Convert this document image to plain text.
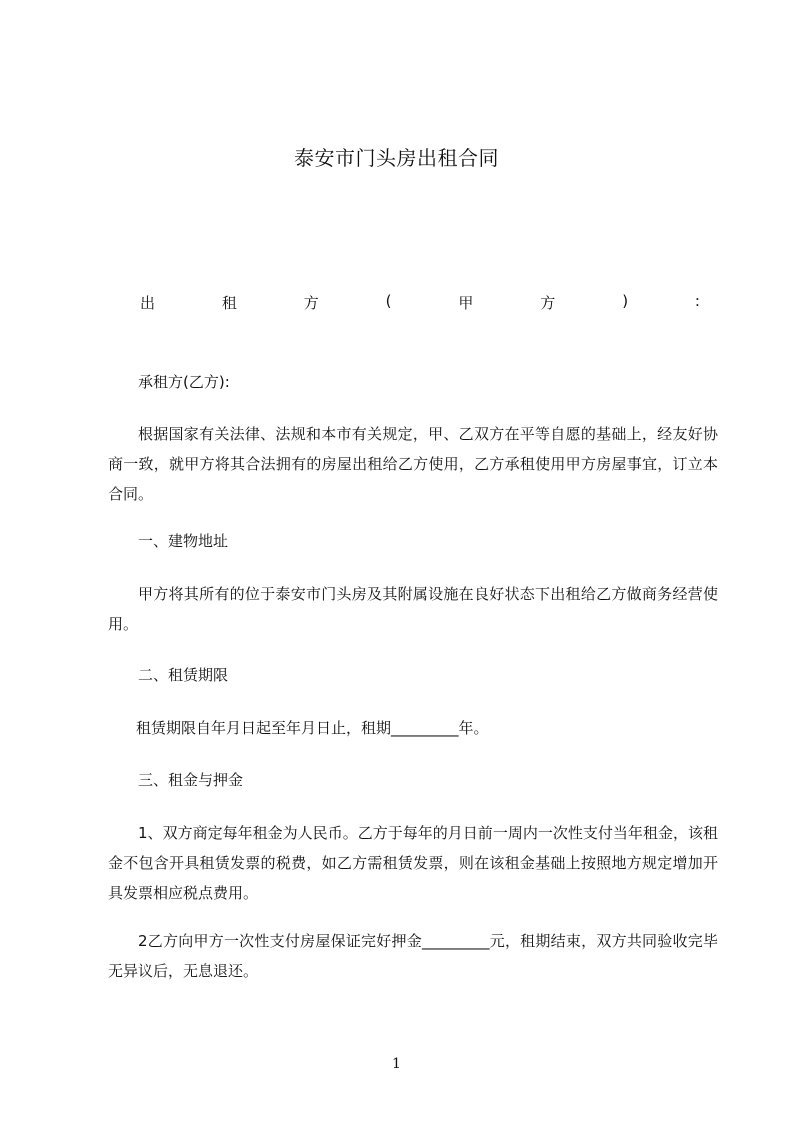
泰安市门头房出租合同
出	租	方	(	甲	方	)	:
承租方(乙方):
根据国家有关法律、法规和本市有关规定，甲、乙双方在平等自愿的基础上，经友好协商一致，就甲方将其合法拥有的房屋出租给乙方使用，乙方承租使用甲方房屋事宜，订立本合同。
一、建物地址
甲方将其所有的位于泰安市门头房及其附属设施在良好状态下出租给乙方做商务经营使用。
二、租赁期限
租赁期限自年月日起至年月日止，租期_________年。
三、租金与押金
1、双方商定每年租金为人民币。乙方于每年的月日前一周内一次性支付当年租金，该租金不包含开具租赁发票的税费，如乙方需租赁发票，则在该租金基础上按照地方规定增加开具发票相应税点费用。
2乙方向甲方一次性支付房屋保证完好押金_________元，租期结束，双方共同验收完毕无异议后，无息退还。
1
